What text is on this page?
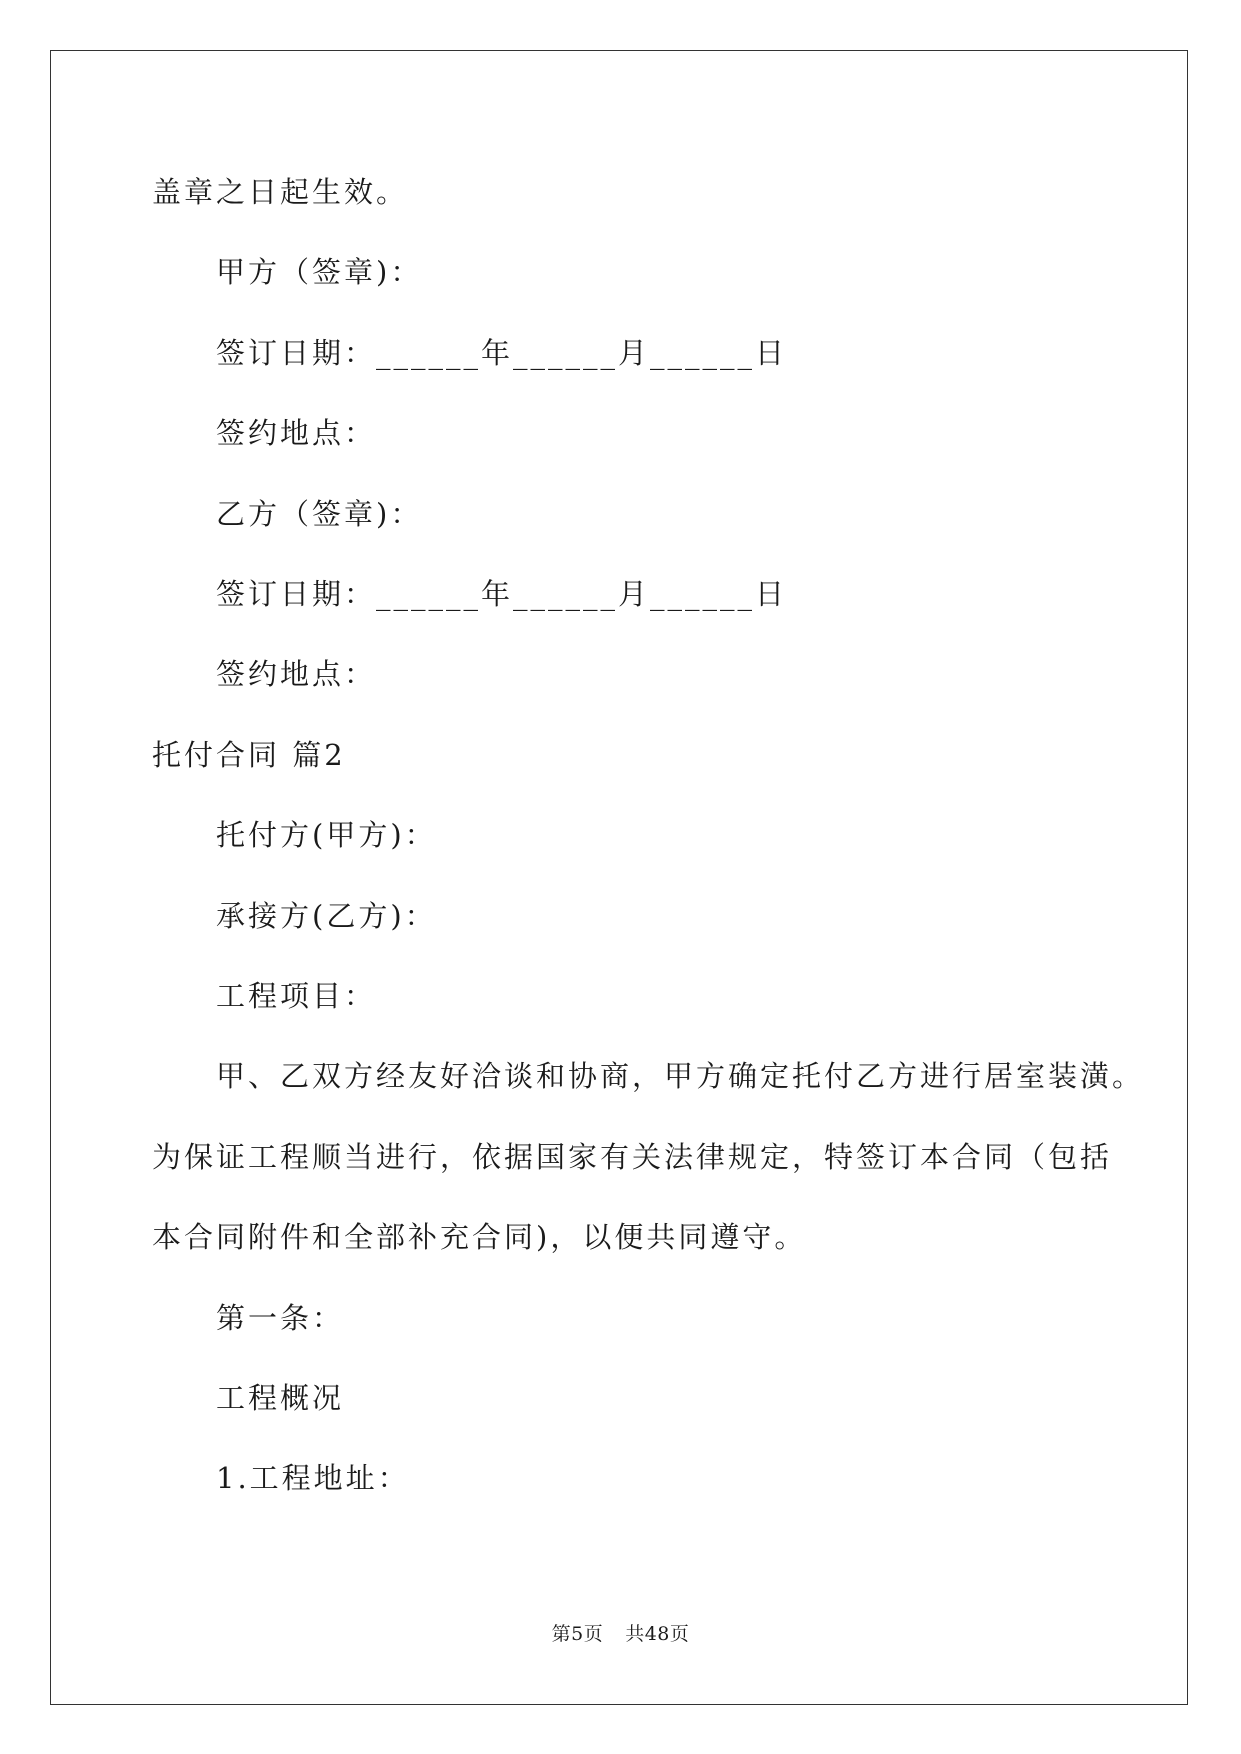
盖章之日起生效。
甲方（签章)：
签订日期：______年______月______日
签约地点：
乙方（签章)：
签订日期：______年______月______日
签约地点：
托付合同 篇2
托付方(甲方)：
承接方(乙方)：
工程项目：
甲、乙双方经友好洽谈和协商，甲方确定托付乙方进行居室装潢。
为保证工程顺当进行，依据国家有关法律规定，特签订本合同（包括
本合同附件和全部补充合同)，以便共同遵守。
第一条：
工程概况
1.工程地址：
第5页 共48页
